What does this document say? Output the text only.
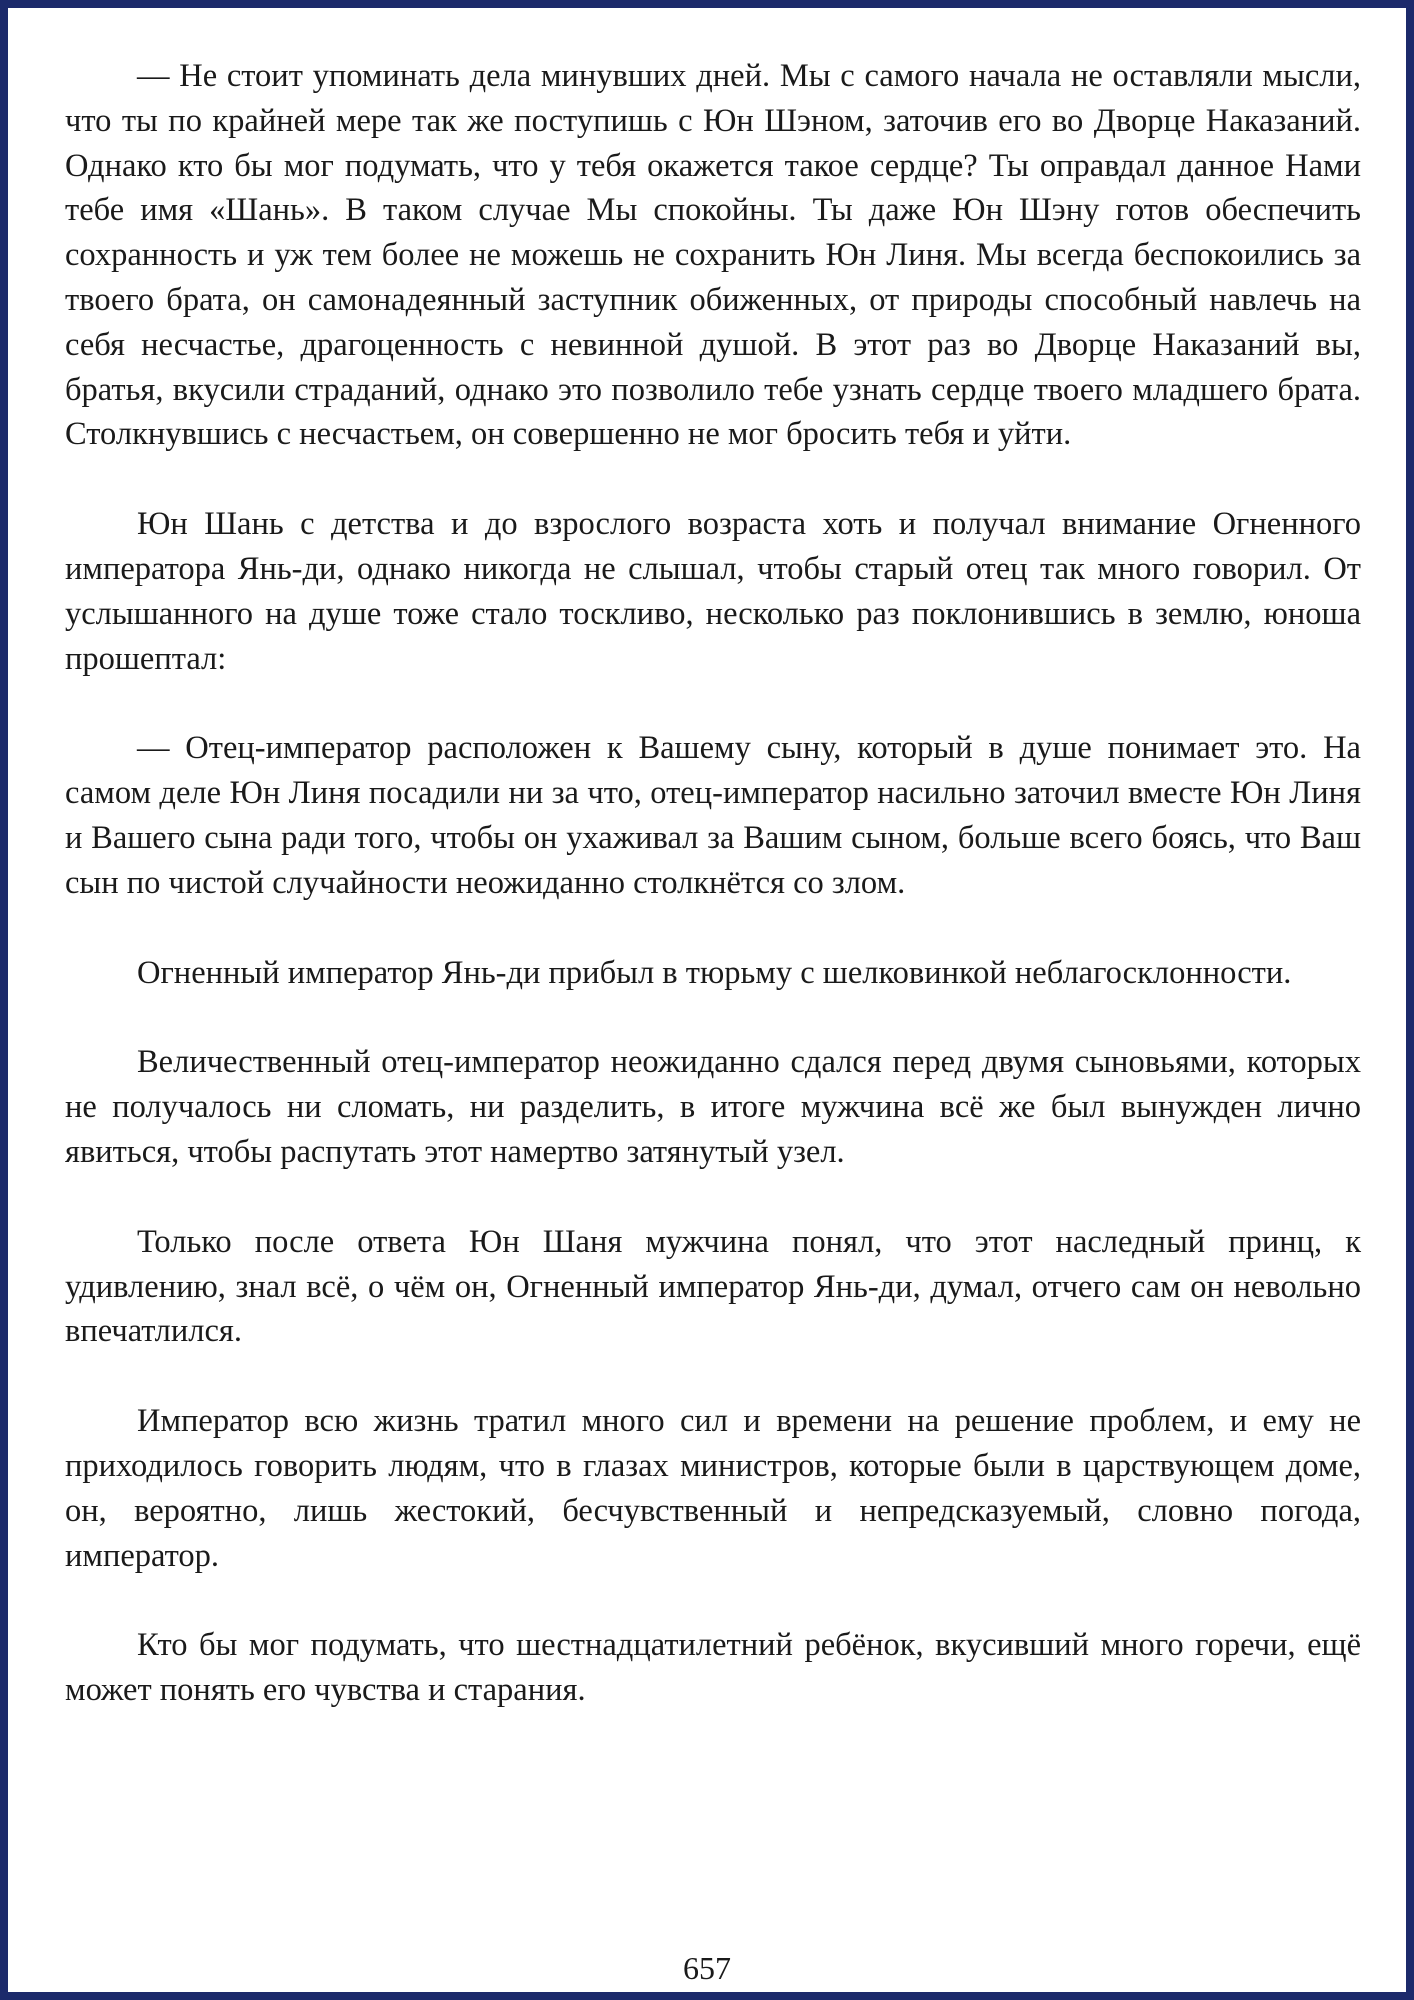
— Не стоит упоминать дела минувших дней. Мы с самого начала не оставляли мысли, что ты по крайней мере так же поступишь с Юн Шэном, заточив его во Дворце Наказаний. Однако кто бы мог подумать, что у тебя окажется такое сердце? Ты оправдал данное Нами тебе имя «Шань». В таком случае Мы спокойны. Ты даже Юн Шэну готов обеспечить сохранность и уж тем более не можешь не сохранить Юн Линя. Мы всегда беспокоились за твоего брата, он самонадеянный заступник обиженных, от природы способный навлечь на себя несчастье, драгоценность с невинной душой. В этот раз во Дворце Наказаний вы, братья, вкусили страданий, однако это позволило тебе узнать сердце твоего младшего брата. Столкнувшись с несчастьем, он совершенно не мог бросить тебя и уйти.

Юн Шань с детства и до взрослого возраста хоть и получал внимание Огненного императора Янь-ди, однако никогда не слышал, чтобы старый отец так много говорил. От услышанного на душе тоже стало тоскливо, несколько раз поклонившись в землю, юноша прошептал:

— Отец-император расположен к Вашему сыну, который в душе понимает это. На самом деле Юн Линя посадили ни за что, отец-император насильно заточил вместе Юн Линя и Вашего сына ради того, чтобы он ухаживал за Вашим сыном, больше всего боясь, что Ваш сын по чистой случайности неожиданно столкнётся со злом.

Огненный император Янь-ди прибыл в тюрьму с шелковинкой неблагосклонности.

Величественный отец-император неожиданно сдался перед двумя сыновьями, которых не получалось ни сломать, ни разделить, в итоге мужчина всё же был вынужден лично явиться, чтобы распутать этот намертво затянутый узел.

Только после ответа Юн Шаня мужчина понял, что этот наследный принц, к удивлению, знал всё, о чём он, Огненный император Янь-ди, думал, отчего сам он невольно впечатлился.

Император всю жизнь тратил много сил и времени на решение проблем, и ему не приходилось говорить людям, что в глазах министров, которые были в царствующем доме, он, вероятно, лишь жестокий, бесчувственный и непредсказуемый, словно погода, император.

Кто бы мог подумать, что шестнадцатилетний ребёнок, вкусивший много горечи, ещё может понять его чувства и старания.

657
